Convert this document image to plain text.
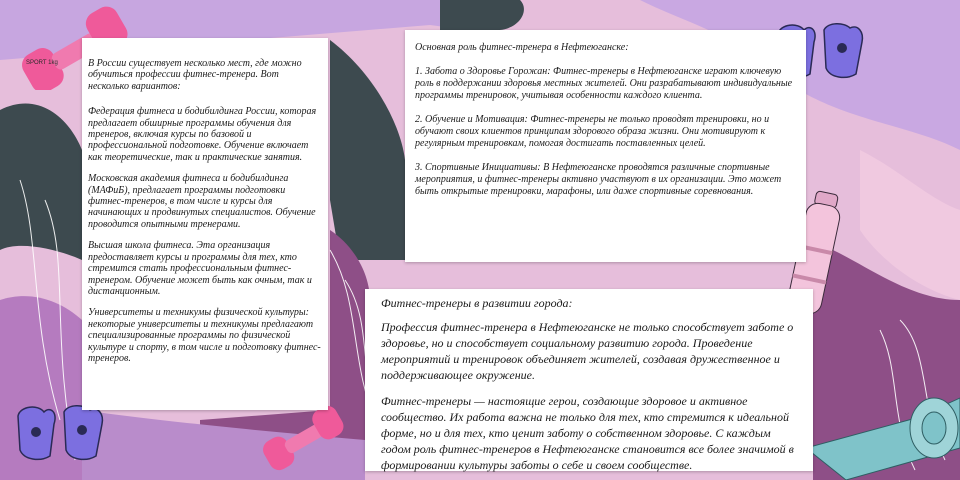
SPORT 1kg	В России существует несколько мест, где можно обучиться профессии фитнес-тренера. Вот несколько вариантов:

Федерация фитнеса и бодибилдинга России, которая предлагает обширные программы обучения для тренеров, включая курсы по базовой и профессиональной подготовке. Обучение включает как теоретические, так и практические занятия.

Московская академия фитнеса и бодибилдинга (МАФиБ), предлагает программы подготовки фитнес-тренеров, в том числе и курсы для начинающих и продвинутых специалистов. Обучение проводится опытными тренерами.

Высшая школа фитнеса. Эта организация предоставляет курсы и программы для тех, кто стремится стать профессиональным фитнес-тренером. Обучение может быть как очным, так и дистанционным.

Университеты и техникумы физической культуры: некоторые университеты и техникумы предлагают специализированные программы по физической культуре и спорту, в том числе и подготовку фитнес-тренеров.

Основная роль фитнес-тренера в Нефтеюганске:

1. Забота о Здоровье Горожан: Фитнес-тренеры в Нефтеюганске играют ключевую роль в поддержании здоровья местных жителей. Они разрабатывают индивидуальные программы тренировок, учитывая особенности каждого клиента.

2. Обучение и Мотивация: Фитнес-тренеры не только проводят тренировки, но и обучают своих клиентов принципам здорового образа жизни. Они мотивируют к регулярным тренировкам, помогая достигать поставленных целей.

3. Спортивные Инициативы: В Нефтеюганске проводятся различные спортивные мероприятия, и фитнес-тренеры активно участвуют в их организации. Это может быть открытые тренировки, марафоны, или даже спортивные соревнования.

Фитнес-тренеры в развитии города:

Профессия фитнес-тренера в Нефтеюганске не только способствует заботе о здоровье, но и способствует социальному развитию города. Проведение мероприятий и тренировок объединяет жителей, создавая дружественное и поддерживающее окружение.

Фитнес-тренеры — настоящие герои, создающие здоровое и активное сообщество. Их работа важна не только для тех, кто стремится к идеальной форме, но и для тех, кто ценит заботу о собственном здоровье. С каждым годом роль фитнес-тренеров в Нефтеюганске становится все более значимой в формировании культуры заботы о себе и своем сообществе.
